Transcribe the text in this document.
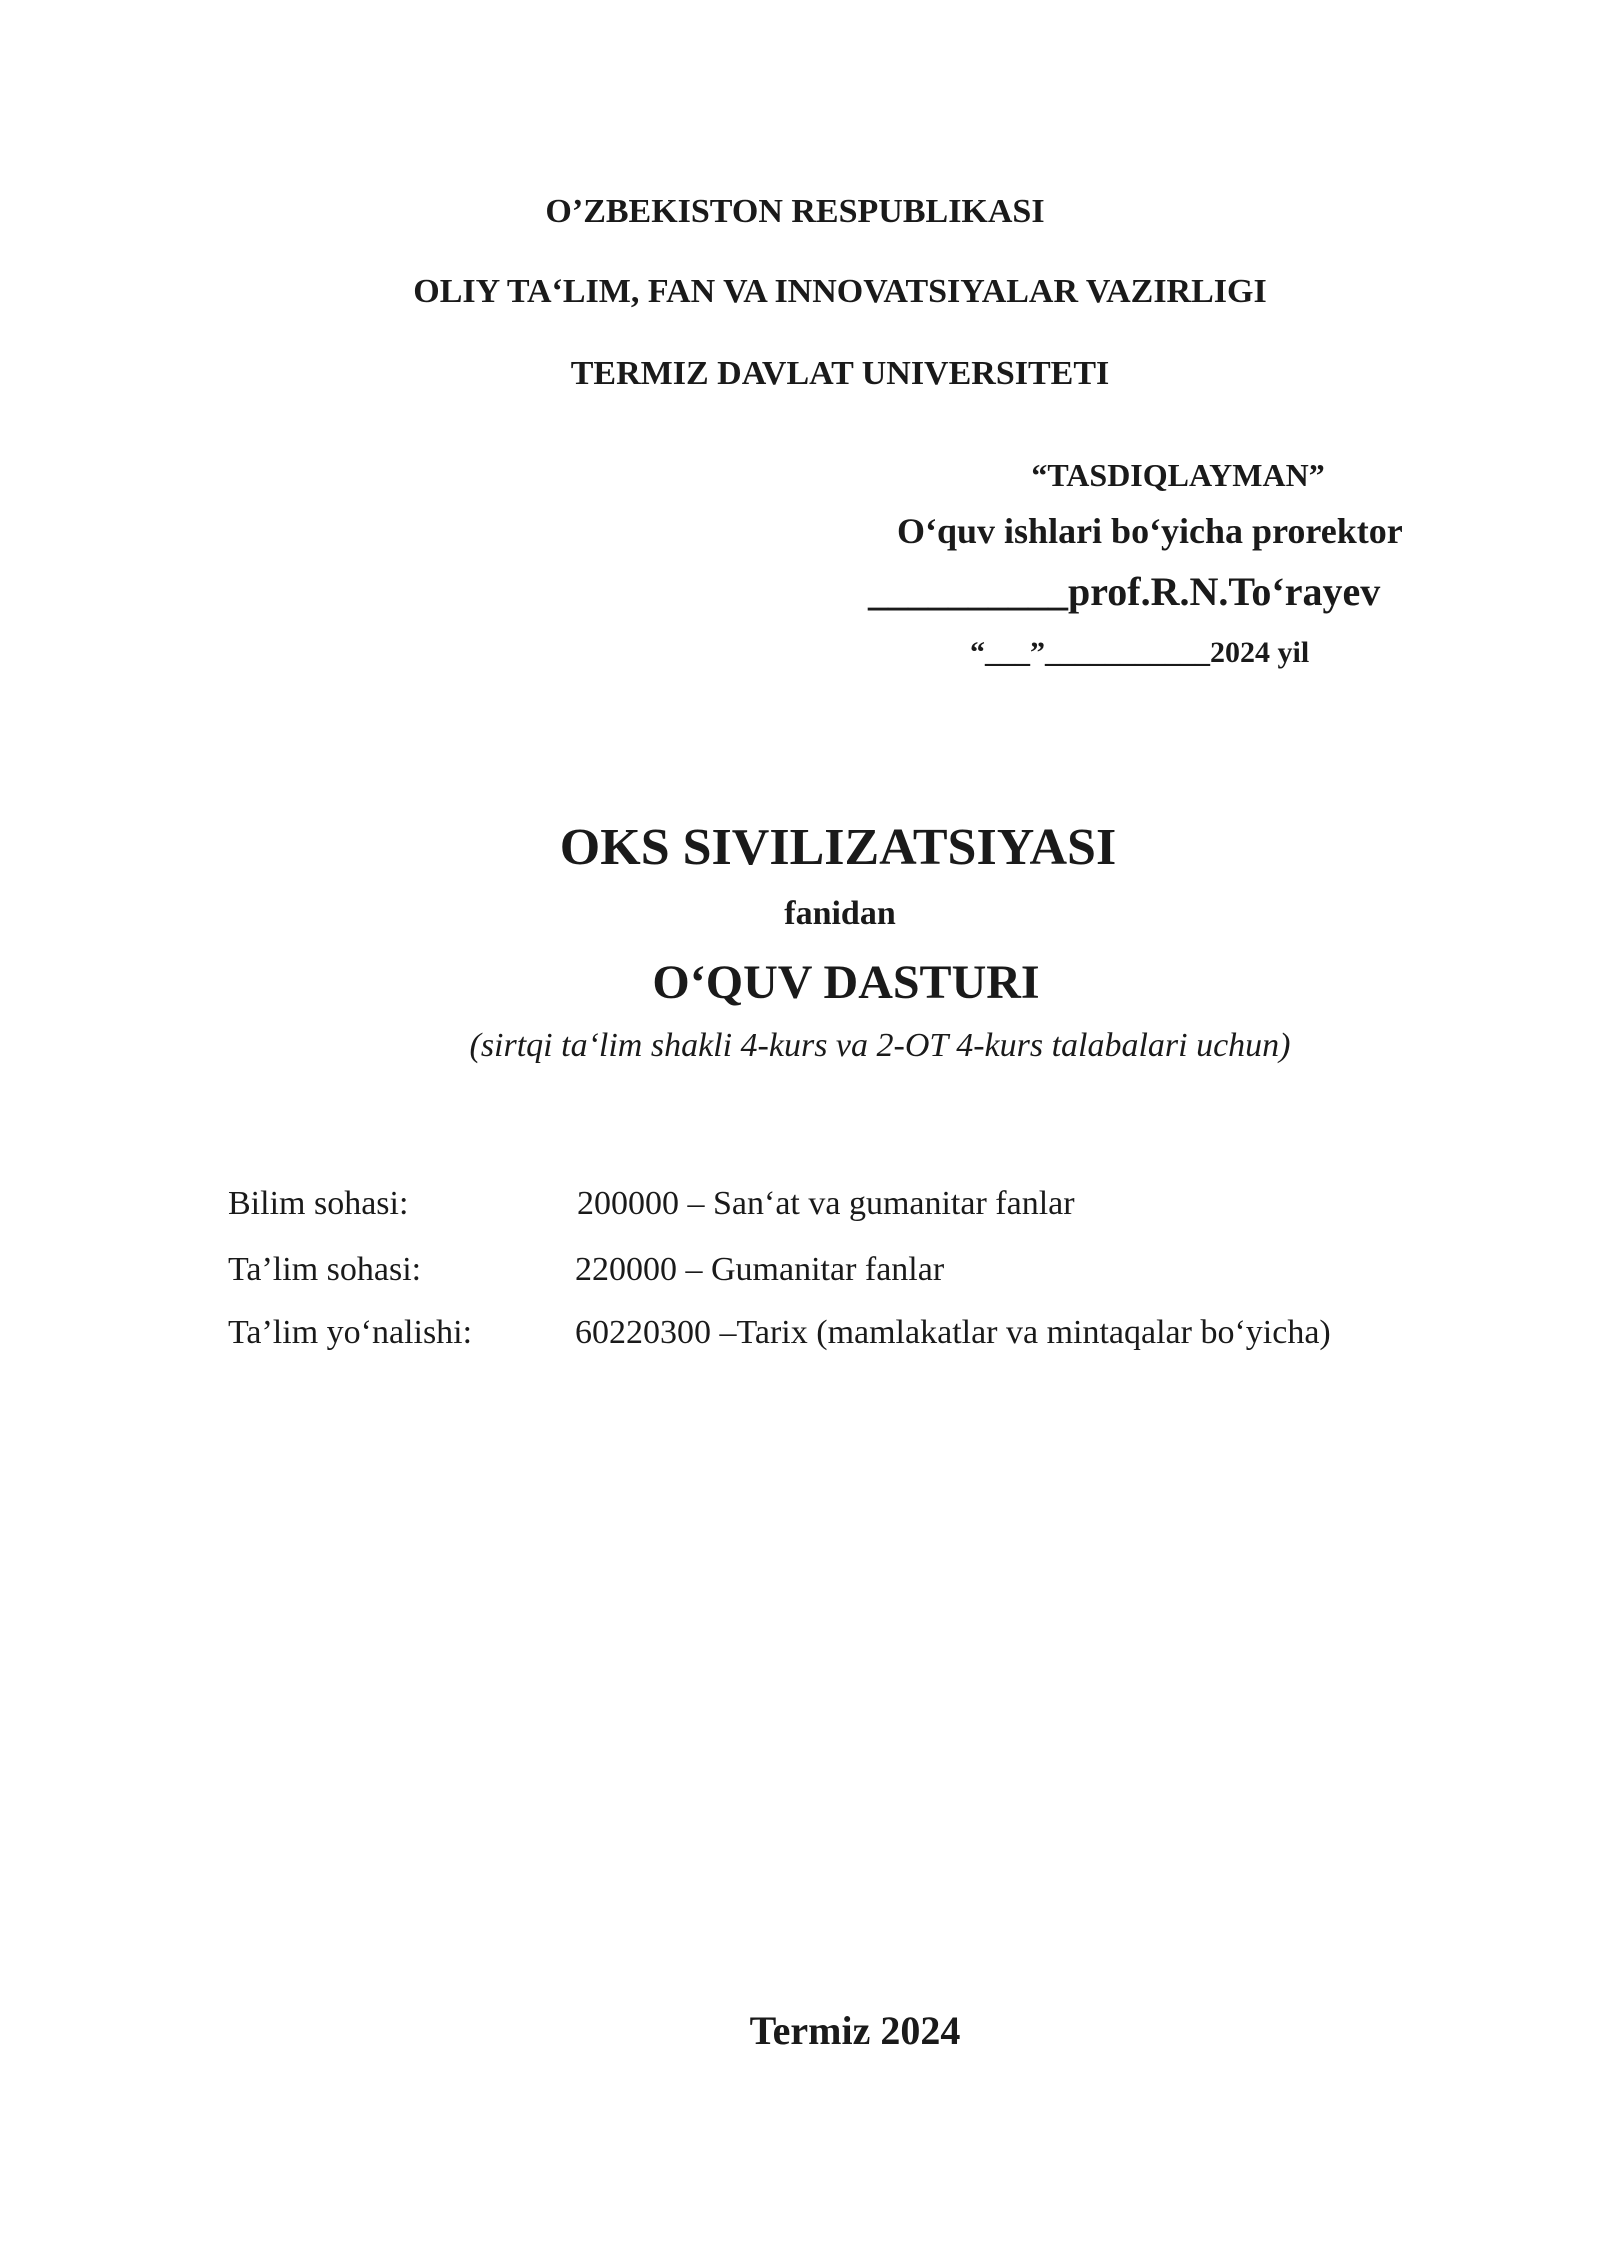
O’ZBEKISTON RESPUBLIKASI
OLIY TA‘LIM, FAN VA INNOVATSIYALAR VAZIRLIGI
TERMIZ DAVLAT UNIVERSITETI
“TASDIQLAYMAN”
O‘quv ishlari bo‘yicha prorektor
__________prof.R.N.To‘rayev
“___”___________2024 yil
OKS SIVILIZATSIYASI
fanidan
O‘QUV DASTURI
(sirtqi ta‘lim shakli 4-kurs va 2-OT 4-kurs talabalari uchun)
Bilim sohasi:	200000 – San‘at va gumanitar fanlar
Ta’lim sohasi:	220000 – Gumanitar fanlar
Ta’lim yo‘nalishi:	60220300 –Tarix (mamlakatlar va mintaqalar bo‘yicha)
Termiz 2024
